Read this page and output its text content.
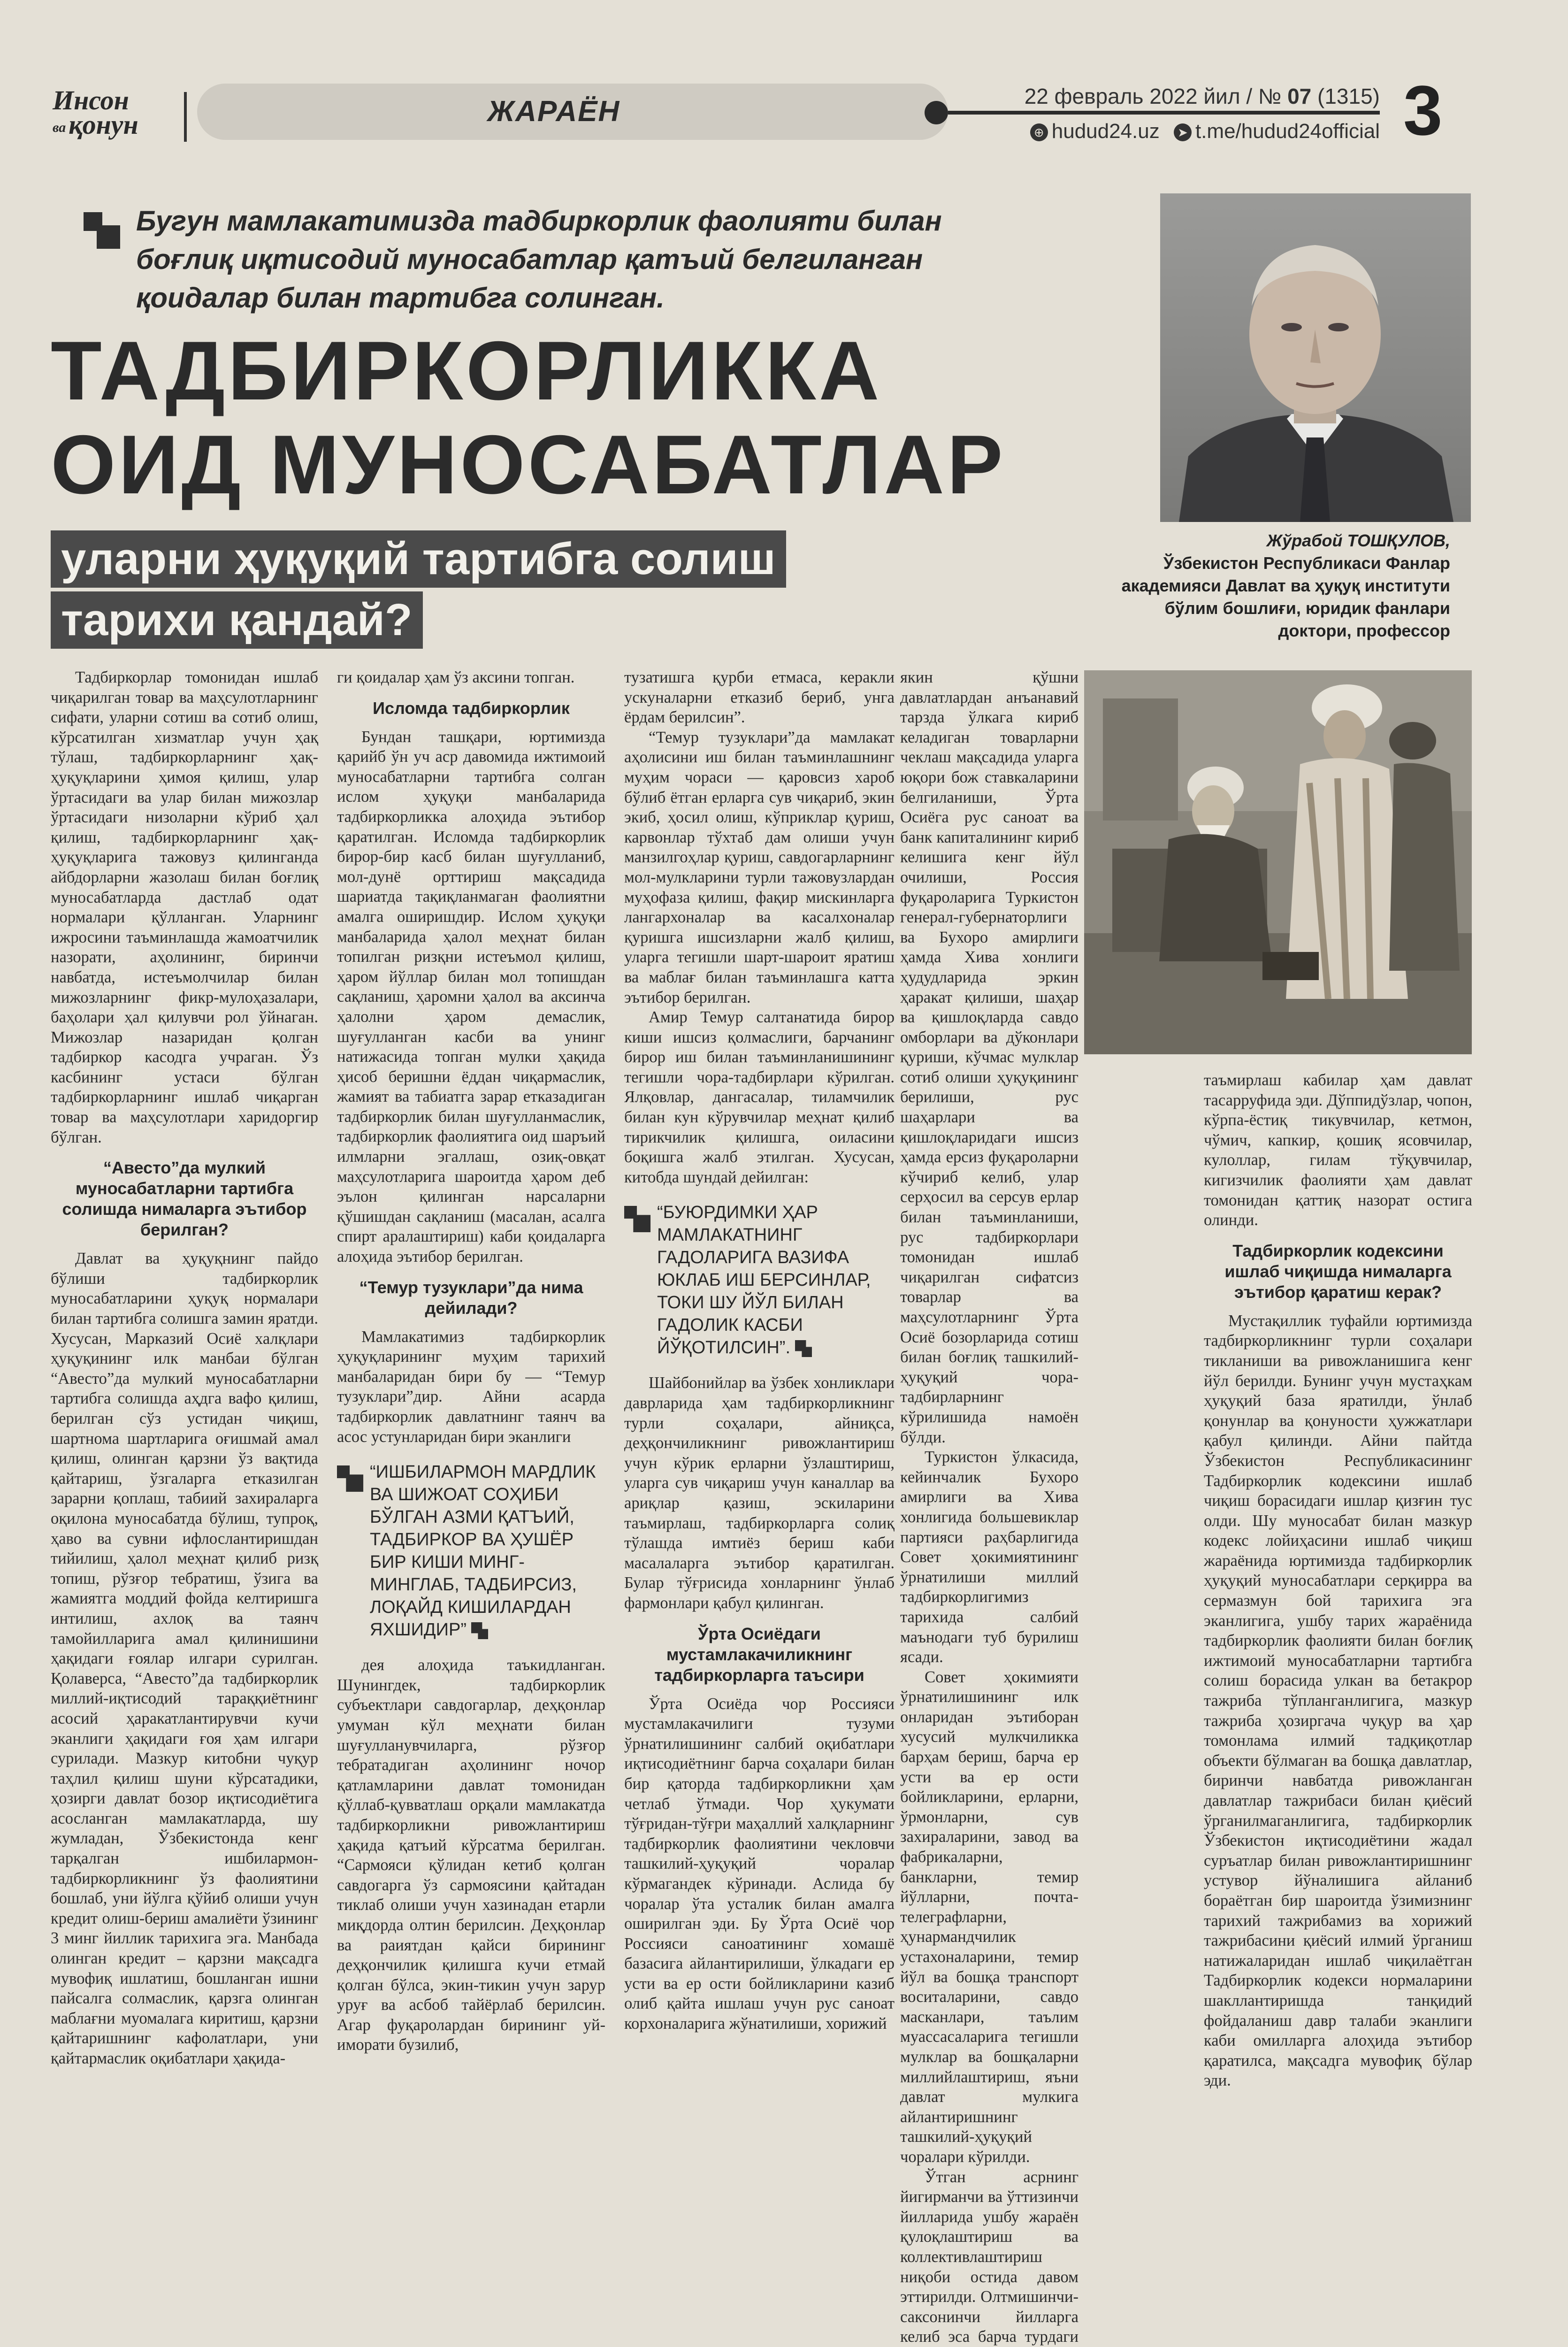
Инсон
ва қонун	ЖАРАЁН	22 февраль 2022 йил / № 07 (1315)
⊕ hudud24.uz ➤ t.me/hudud24official 3
Бугун мамлакатимизда тадбиркорлик фаолияти билан боғлиқ иқтисодий муносабатлар қатъий белгиланган қоидалар билан тартибга солинган.
ТАДБИРКОРЛИККА
ОИД МУНОСАБАТЛАР
уларни ҳуқуқий тартибга солиш
тарихи қандай?
Жўрабой ТОШҚУЛОВ,
Ўзбекистон Республикаси Фанлар академияси Давлат ва ҳуқуқ институти бўлим бошлиғи, юридик фанлари доктори, профессор

Тадбиркорлар томонидан ишлаб чиқарилган товар ва маҳсулотларнинг сифати, уларни сотиш ва сотиб олиш, кўрсатилган хизматлар учун ҳақ тўлаш, тадбиркорларнинг ҳақ-ҳуқуқларини ҳимоя қилиш, улар ўртасидаги ва улар билан мижозлар ўртасидаги низоларни кўриб ҳал қилиш, тадбиркорларнинг ҳақ-ҳуқуқларига тажовуз қилинганда айбдорларни жазолаш билан боғлиқ муносабатларда дастлаб одат нормалари қўлланган. Уларнинг ижросини таъминлашда жамоатчилик назорати, аҳолининг, биринчи навбатда, истеъмолчилар билан мижозларнинг фикр-мулоҳазалари, баҳолари ҳал қилувчи рол ўйнаган. Мижозлар назаридан қолган тадбиркор касодга учраган. Ўз касбининг устаси бўлган тадбиркорларнинг ишлаб чиқарган товар ва маҳсулотлари харидоргир бўлган.

“Авесто”да мулкий муносабатларни тартибга солишда нималарга эътибор берилган?

Давлат ва ҳуқуқнинг пайдо бўлиши тадбиркорлик муносабатларини ҳуқуқ нормалари билан тартибга солишга замин яратди. Хусусан, Марказий Осиё халқлари ҳуқуқининг илк манбаи бўлган “Авесто”да мулкий муносабатларни тартибга солишда аҳдга вафо қилиш, берилган сўз устидан чиқиш, шартнома шартларига оғишмай амал қилиш, олинган қарзни ўз вақтида қайтариш, ўзгаларга етказилган зарарни қоплаш, табиий захираларга оқилона муносабатда бўлиш, тупроқ, ҳаво ва сувни ифлослантиришдан тийилиш, ҳалол меҳнат қилиб ризқ топиш, рўзғор тебратиш, ўзига ва жамиятга моддий фойда келтиришга интилиш, ахлоқ ва таянч тамойилларига амал қилинишини ҳақидаги ғоялар илгари сурилган. Қолаверса, “Авесто”да тадбиркорлик миллий-иқтисодий тараққиётнинг асосий ҳаракатлантирувчи кучи эканлиги ҳақидаги ғоя ҳам илгари сурилади. Мазкур китобни чуқур таҳлил қилиш шуни кўрсатадики, ҳозирги давлат бозор иқтисодиётига асосланган мамлакатларда, шу жумладан, Ўзбекистонда кенг тарқалган ишбилармон-тадбиркорликнинг ўз фаолиятини бошлаб, уни йўлга қўйиб олиши учун кредит олиш-бериш амалиёти ўзининг 3 минг йиллик тарихига эга. Манбада олинган кредит – қарзни мақсадга мувофиқ ишлатиш, бошланган ишни пайсалга солмаслик, қарзга олинган маблағни муомалага киритиш, қарзни қайтаришнинг кафолатлари, уни қайтармаслик оқибатлари ҳақида-

ги қоидалар ҳам ўз аксини топган.

Исломда тадбиркорлик

Бундан ташқари, юртимизда қарийб ўн уч аср давомида ижтимоий муносабатларни тартибга солган ислом ҳуқуқи манбаларида тадбиркорликка алоҳида эътибор қаратилган. Исломда тадбиркорлик бирор-бир касб билан шуғулланиб, мол-дунё орттириш мақсадида шариатда тақиқланмаган фаолиятни амалга оширишдир. Ислом ҳуқуқи манбаларида ҳалол меҳнат билан топилган ризқни истеъмол қилиш, ҳаром йўллар билан мол топишдан сақланиш, ҳаромни ҳалол ва аксинча ҳалолни ҳаром демаслик, шуғулланган касби ва унинг натижасида топган мулки ҳақида ҳисоб беришни ёддан чиқармаслик, жамият ва табиатга зарар етказадиган тадбиркорлик билан шуғулланмаслик, тадбиркорлик фаолиятига оид шаръий илмларни эгаллаш, озиқ-овқат маҳсулотларига шароитда ҳаром деб эълон қилинган нарсаларни қўшишдан сақланиш (масалан, асалга спирт аралаштириш) каби қоидаларга алоҳида эътибор берилган.

“Темур тузуклари”да нима дейилади?

Мамлакатимиз тадбиркорлик ҳуқуқларининг муҳим тарихий манбаларидан бири бу — “Темур тузуклари”дир. Айни асарда тадбиркорлик давлатнинг таянч ва асос устунларидан бири эканлиги

“ИШБИЛАРМОН МАРДЛИК ВА ШИЖОАТ СОҲИБИ БЎЛГАН АЗМИ ҚАТЪИЙ, ТАДБИРКОР ВА ҲУШЁР БИР КИШИ МИНГ-МИНГЛАБ, ТАДБИРСИЗ, ЛОҚАЙД КИШИЛАРДАН ЯХШИДИР”

дея алоҳида таъкидланган. Шунингдек, тадбиркорлик субъектлари савдогарлар, деҳқонлар умуман кўл меҳнати билан шуғулланувчиларга, рўзғор тебратадиган аҳолининг ночор қатламларини давлат томонидан қўллаб-қувватлаш орқали мамлакатда тадбиркорликни ривожлантириш ҳақида қатъий кўрсатма берилган. “Сармояси қўлидан кетиб қолган савдогарга ўз сармоясини қайтадан тиклаб олиши учун хазинадан етарли миқдорда олтин берилсин. Деҳқонлар ва раиятдан қайси бирининг деҳқончилик қилишга кучи етмай қолган бўлса, экин-тикин учун зарур уруғ ва асбоб тайёрлаб берилсин. Агар фуқаролардан бирининг уй-иморати бузилиб,

тузатишга қурби етмаса, керакли ускуналарни етказиб бериб, унга ёрдам берилсин”.

“Темур тузуклари”да мамлакат аҳолисини иш билан таъминлашнинг муҳим чораси — қаровсиз хароб бўлиб ётган ерларга сув чиқариб, экин экиб, ҳосил олиш, кўприклар қуриш, карвонлар тўхтаб дам олиши учун манзилгоҳлар қуриш, савдогарларнинг мол-мулкларини турли тажовузлардан муҳофаза қилиш, фақир мискинларга лангархоналар ва касалхоналар қуришга ишсизларни жалб қилиш, уларга тегишли шарт-шароит яратиш ва маблағ билан таъминлашга катта эътибор берилган.

Амир Темур салтанатида бирор киши ишсиз қолмаслиги, барчанинг бирор иш билан таъминланишининг тегишли чора-тадбирлари кўрилган. Ялқовлар, дангасалар, тиламчилик билан кун кўрувчилар меҳнат қилиб тирикчилик қилишга, оиласини боқишга жалб этилган. Хусусан, китобда шундай дейилган:

“БУЮРДИМКИ ҲАР МАМЛАКАТНИНГ ГАДОЛАРИГА ВАЗИФА ЮКЛАБ ИШ БЕРСИНЛАР, ТОКИ ШУ ЙЎЛ БИЛАН ГАДОЛИК КАСБИ ЙЎҚОТИЛСИН”.

Шайбонийлар ва ўзбек хонликлари даврларида ҳам тадбиркорликнинг турли соҳалари, айниқса, деҳқончиликнинг ривожлантириш учун кўрик ерларни ўзлаштириш, уларга сув чиқариш учун каналлар ва ариқлар қазиш, эскиларини таъмирлаш, тадбиркорларга солиқ тўлашда имтиёз бериш каби масалаларга эътибор қаратилган. Булар тўғрисида хонларнинг ўнлаб фармонлари қабул қилинган.

Ўрта Осиёдаги мустамлакачиликнинг тадбиркорларга таъсири

Ўрта Осиёда чор Россияси мустамлакачилиги тузуми ўрнатилишининг салбий оқибатлари иқтисодиётнинг барча соҳалари билан бир қаторда тадбиркорликни ҳам четлаб ўтмади. Чор ҳукумати тўғридан-тўғри маҳаллий халқларнинг тадбиркорлик фаолиятини чекловчи ташкилий-ҳуқуқий чоралар кўрмагандек кўринади. Аслида бу чоралар ўта усталик билан амалга оширилган эди. Бу Ўрта Осиё чор Россияси саноатининг хомашё базасига айлантирилиши, ўлкадаги ер усти ва ер ости бойликларини казиб олиб қайта ишлаш учун рус саноат корхоналарига жўнатилиши, хорижий

якин қўшни давлатлардан анъанавий тарзда ўлкага кириб келадиган товарларни чеклаш мақсадида уларга юқори бож ставкаларини белгиланиши, Ўрта Осиёга рус саноат ва банк капиталининг кириб келишига кенг йўл очилиши, Россия фуқароларига Туркистон генерал-губернаторлиги ва Бухоро амирлиги ҳамда Хива хонлиги ҳудудларида эркин ҳаракат қилиши, шаҳар ва қишлоқларда савдо омборлари ва дўконлари қуриши, кўчмас мулклар сотиб олиши ҳуқуқининг берилиши, рус шаҳарлари ва қишлоқларидаги ишсиз ҳамда ерсиз фуқароларни кўчириб келиб, улар серҳосил ва серсув ерлар билан таъминланиши, рус тадбиркорлари томонидан ишлаб чиқарилган сифатсиз товарлар ва маҳсулотларнинг Ўрта Осиё бозорларида сотиш билан боғлиқ ташкилий-ҳуқуқий чора-тадбирларнинг кўрилишида намоён бўлди.

Туркистон ўлкасида, кейинчалик Бухоро амирлиги ва Хива хонлигида большевиклар партияси раҳбарлигида Совет ҳокимиятининг ўрнатилиши миллий тадбиркорлигимиз тарихида салбий маънодаги туб бурилиш ясади.

Совет ҳокимияти ўрнатилишининг илк онларидан эътиборан хусусий мулкчиликка барҳам бериш, барча ер усти ва ер ости бойликларини, ерларни, ўрмонларни, сув захираларини, завод ва фабрикаларни, банкларни, темир йўлларни, почта-телеграфларни, ҳунармандчилик устахоналарини, темир йўл ва бошқа транспорт воситаларини, савдо масканлари, таълим муассасаларига тегишли мулклар ва бошқаларни миллийлаштириш, яъни давлат мулкига айлантиришнинг ташкилий-ҳуқуқий чоралари кўрилди.

Ўтган асрнинг йигирманчи ва ўттизинчи йилларида ушбу жараён қулоқлаштириш ва коллективлаштириш ниқоби остида давом эттирилди. Олтмишинчи-саксонинчи йилларга келиб эса барча турдаги

таъмирлаш кабилар ҳам давлат тасарруфида эди. Дўппидўзлар, чопон, кўрпа-ёстиқ тикувчилар, кетмон, чўмич, капкир, қошиқ ясовчилар, кулоллар, гилам тўқувчилар, кигизчилик фаолияти ҳам давлат томонидан қаттиқ назорат остига олинди.

Тадбиркорлик кодексини ишлаб чиқишда нималарга эътибор қаратиш керак?

Мустақиллик туфайли юртимизда тадбиркорликнинг турли соҳалари тикланиши ва ривожланишига кенг йўл берилди. Бунинг учун мустаҳкам ҳуқуқий база яратилди, ўнлаб қонунлар ва қонуности ҳужжатлари қабул қилинди. Айни пайтда Ўзбекистон Республикасининг Тадбиркорлик кодексини ишлаб чиқиш борасидаги ишлар қизғин тус олди. Шу муносабат билан мазкур кодекс лойиҳасини ишлаб чиқиш жараёнида юртимизда тадбиркорлик ҳуқуқий муносабатлари серқирра ва сермазмун бой тарихига эга эканлигига, ушбу тарих жараёнида тадбиркорлик фаолияти билан боғлиқ ижтимоий муносабатларни тартибга солиш борасида улкан ва бетакрор тажриба тўпланганлигига, мазкур тажриба ҳозиргача чуқур ва ҳар томонлама илмий тадқиқотлар объекти бўлмаган ва бошқа давлатлар, биринчи навбатда ривожланган давлатлар тажрибаси билан қиёсий ўрганилмаганлигига, тадбиркорлик Ўзбекистон иқтисодиётини жадал суръатлар билан ривожлантиришнинг устувор йўналишига айланиб бораётган бир шароитда ўзимизнинг тарихий тажрибамиз ва хорижий тажрибасини қиёсий илмий ўрганиш натижаларидан ишлаб чиқилаётган Тадбиркорлик кодекси нормаларини шакллантиришда танқидий фойдаланиш давр талаби эканлиги каби омилларга алоҳида эътибор қаратилса, мақсадга мувофиқ бўлар эди.
